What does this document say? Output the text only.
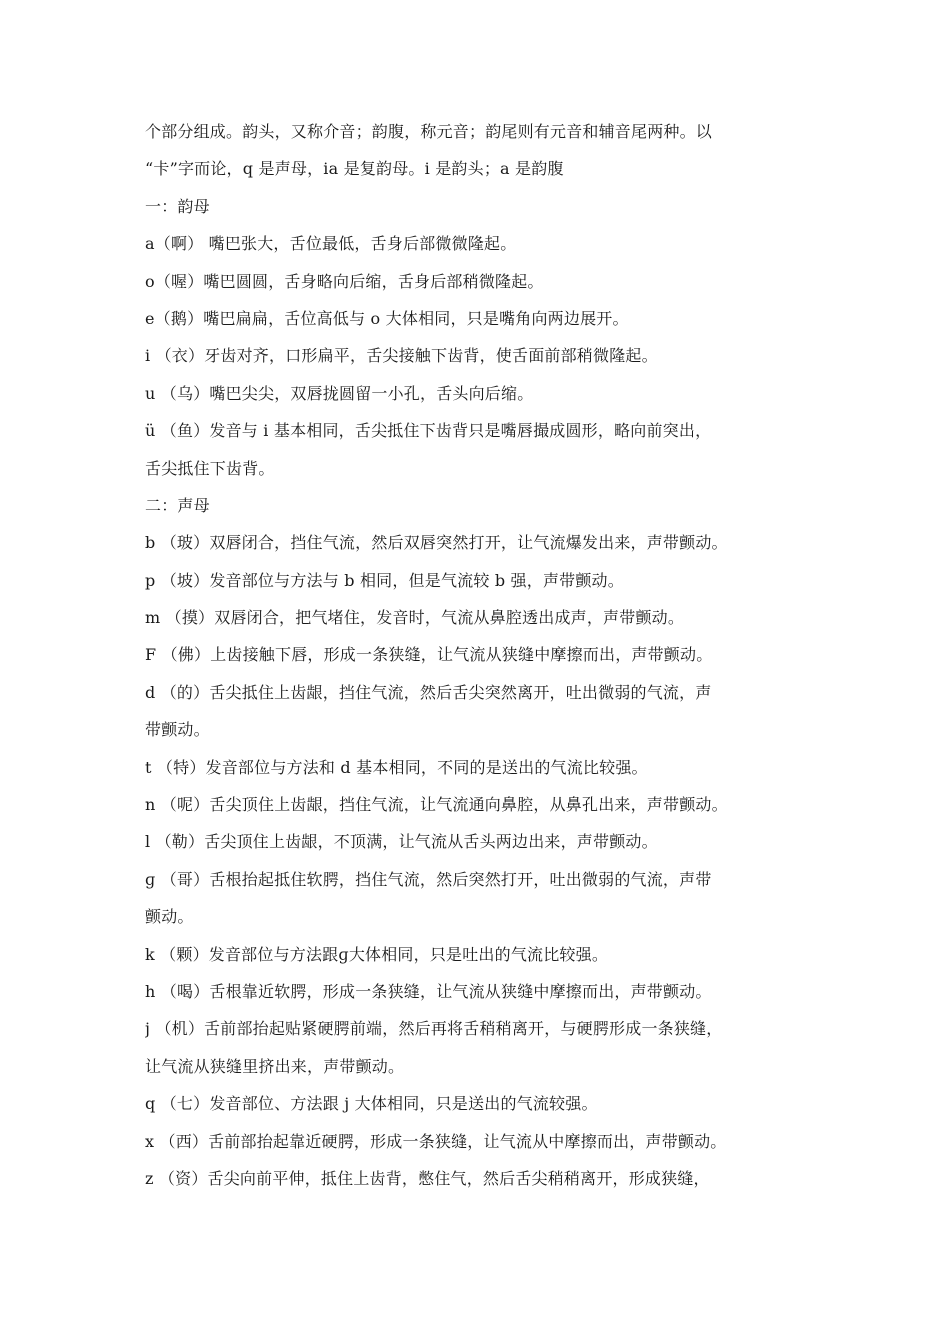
个部分组成。韵头，又称介音；韵腹，称元音；韵尾则有元音和辅音尾两种。以
“卡”字而论，q 是声母，ia 是复韵母。i 是韵头；a 是韵腹
一：韵母
a（啊） 嘴巴张大，舌位最低，舌身后部微微隆起。
o（喔）嘴巴圆圆，舌身略向后缩，舌身后部稍微隆起。
e（鹅）嘴巴扁扁，舌位高低与 o 大体相同，只是嘴角向两边展开。
i （衣）牙齿对齐，口形扁平，舌尖接触下齿背，使舌面前部稍微隆起。
u （乌）嘴巴尖尖，双唇拢圆留一小孔，舌头向后缩。
ü （鱼）发音与 i 基本相同，舌尖抵住下齿背只是嘴唇撮成圆形，略向前突出，
舌尖抵住下齿背。
二：声母
b （玻）双唇闭合，挡住气流，然后双唇突然打开，让气流爆发出来，声带颤动。
p （坡）发音部位与方法与 b 相同，但是气流较 b 强，声带颤动。
m （摸）双唇闭合，把气堵住，发音时，气流从鼻腔透出成声，声带颤动。
F （佛）上齿接触下唇，形成一条狭缝，让气流从狭缝中摩擦而出，声带颤动。
d （的）舌尖抵住上齿龈，挡住气流，然后舌尖突然离开，吐出微弱的气流，声
带颤动。
t （特）发音部位与方法和 d 基本相同，不同的是送出的气流比较强。
n （呢）舌尖顶住上齿龈，挡住气流，让气流通向鼻腔，从鼻孔出来，声带颤动。
l （勒）舌尖顶住上齿龈，不顶满，让气流从舌头两边出来，声带颤动。
ɡ （哥）舌根抬起抵住软腭，挡住气流，然后突然打开，吐出微弱的气流，声带
颤动。
k （颗）发音部位与方法跟ɡ大体相同，只是吐出的气流比较强。
h （喝）舌根靠近软腭，形成一条狭缝，让气流从狭缝中摩擦而出，声带颤动。
j （机）舌前部抬起贴紧硬腭前端，然后再将舌稍稍离开，与硬腭形成一条狭缝，
让气流从狭缝里挤出来，声带颤动。
q （七）发音部位、方法跟 j 大体相同，只是送出的气流较强。
x （西）舌前部抬起靠近硬腭，形成一条狭缝，让气流从中摩擦而出，声带颤动。
z （资）舌尖向前平伸，抵住上齿背，憋住气，然后舌尖稍稍离开，形成狭缝，
